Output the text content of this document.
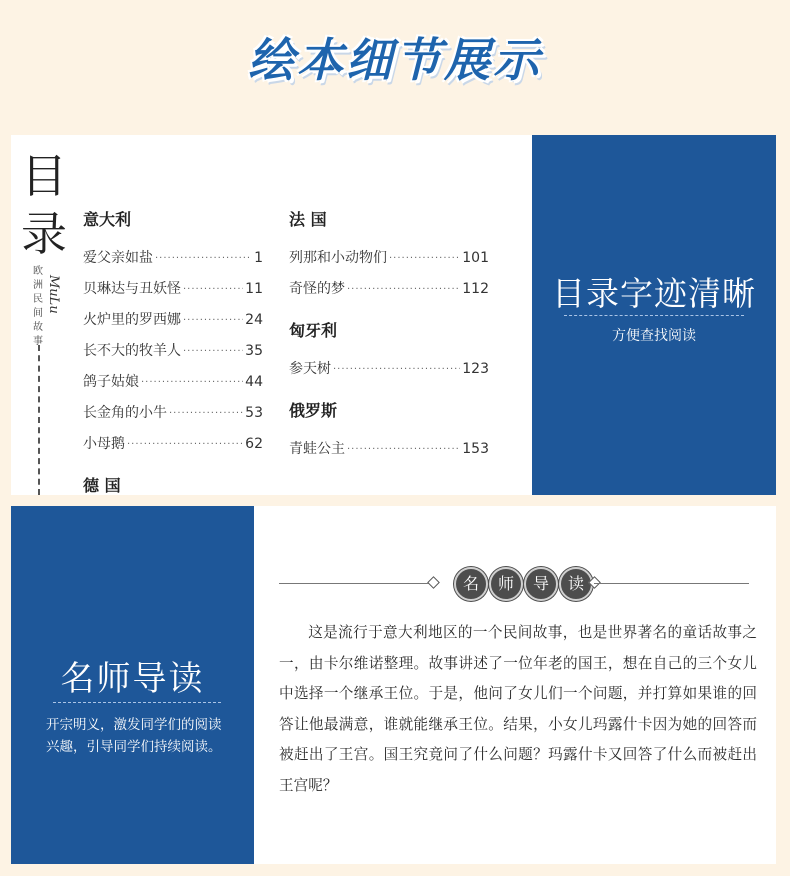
绘本细节展示
目
录
欧洲民间故事
MuLu
意大利
爱父亲如盐 ·····	1
贝琳达与丑妖怪 ·····	11
火炉里的罗西娜 ·····	24
长不大的牧羊人 ·····	35
鸽子姑娘 ·····	44
长金角的小牛 ·····	53
小母鹅 ·····	62
德 国
法 国
列那和小动物们 ·····	101
奇怪的梦 ·····	112
匈牙利
参天树 ·····	123
俄罗斯
青蛙公主 ·····	153
目录字迹清晰
方便查找阅读
名师导读
开宗明义，激发同学们的阅读兴趣，引导同学们持续阅读。
名	师	导	读

这是流行于意大利地区的一个民间故事，也是世界著名的童话故事之一，由卡尔维诺整理。故事讲述了一位年老的国王，想在自己的三个女儿中选择一个继承王位。于是，他问了女儿们一个问题，并打算如果谁的回答让他最满意，谁就能继承王位。结果，小女儿玛露什卡因为她的回答而被赶出了王宫。国王究竟问了什么问题？玛露什卡又回答了什么而被赶出王宫呢？
